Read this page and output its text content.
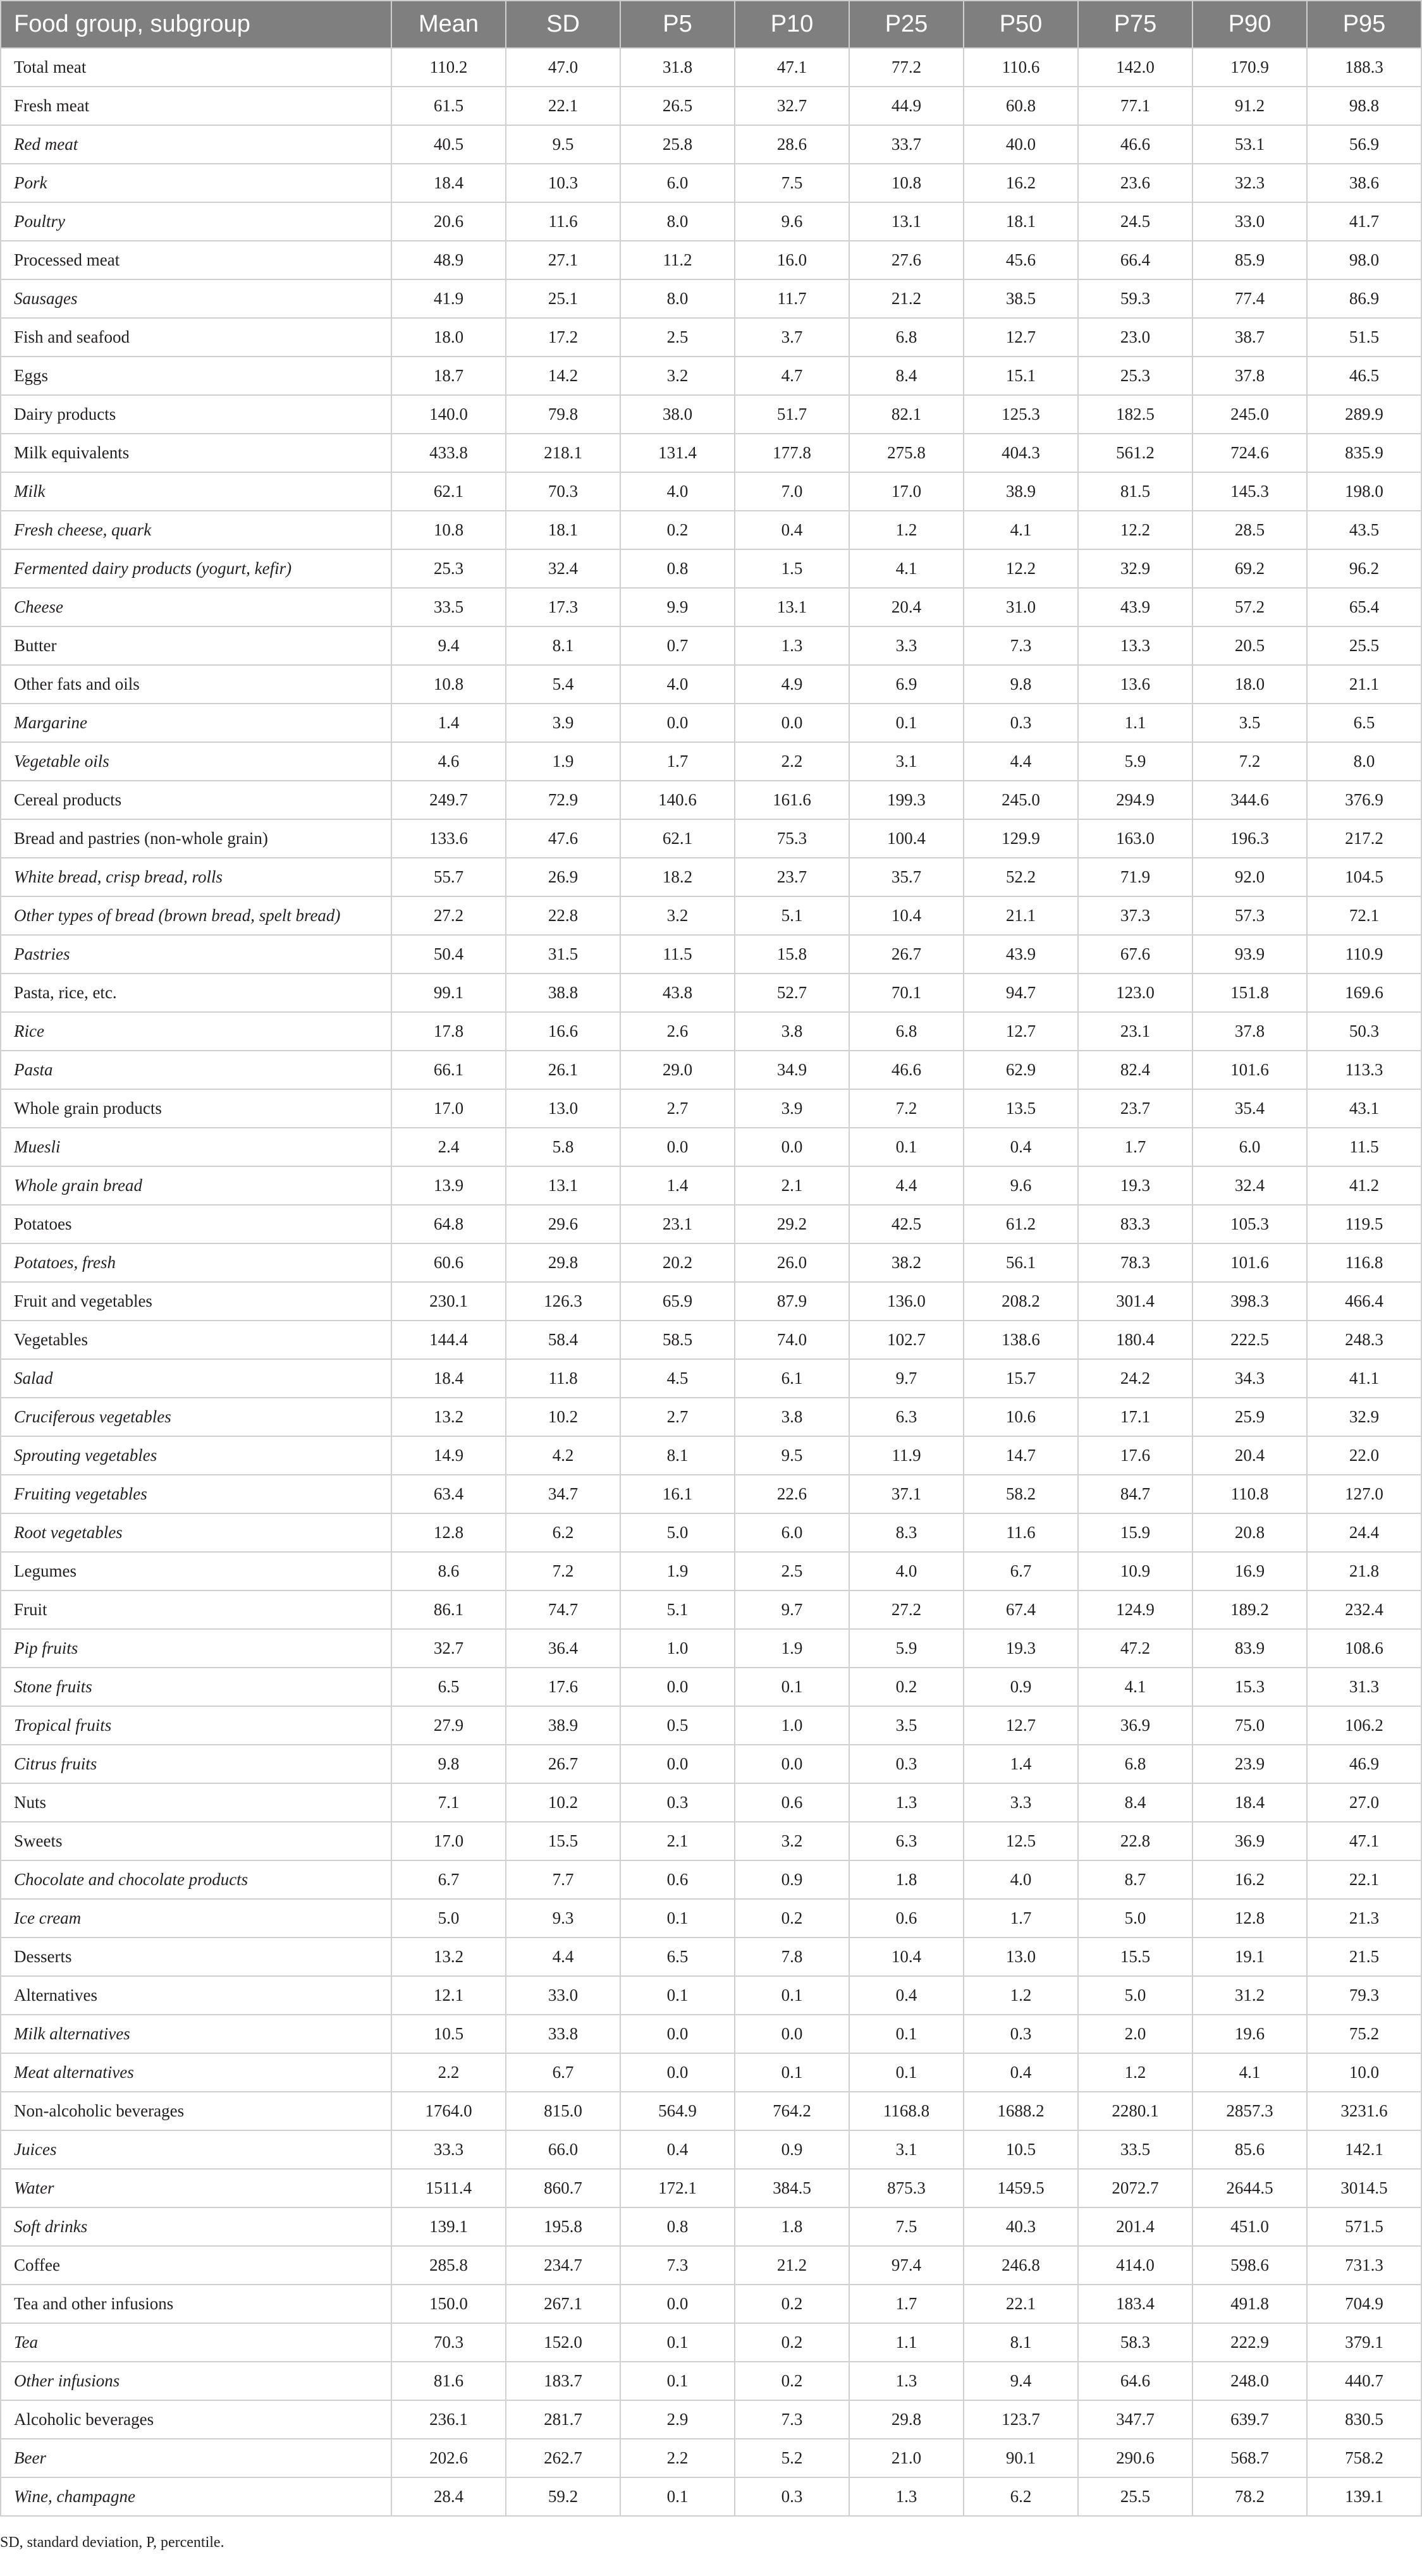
Food group, subgroup	Mean	SD	P5	P10	P25	P50	P75	P90	P95
Total meat	110.2	47.0	31.8	47.1	77.2	110.6	142.0	170.9	188.3
Fresh meat	61.5	22.1	26.5	32.7	44.9	60.8	77.1	91.2	98.8
Red meat	40.5	9.5	25.8	28.6	33.7	40.0	46.6	53.1	56.9
Pork	18.4	10.3	6.0	7.5	10.8	16.2	23.6	32.3	38.6
Poultry	20.6	11.6	8.0	9.6	13.1	18.1	24.5	33.0	41.7
Processed meat	48.9	27.1	11.2	16.0	27.6	45.6	66.4	85.9	98.0
Sausages	41.9	25.1	8.0	11.7	21.2	38.5	59.3	77.4	86.9
Fish and seafood	18.0	17.2	2.5	3.7	6.8	12.7	23.0	38.7	51.5
Eggs	18.7	14.2	3.2	4.7	8.4	15.1	25.3	37.8	46.5
Dairy products	140.0	79.8	38.0	51.7	82.1	125.3	182.5	245.0	289.9
Milk equivalents	433.8	218.1	131.4	177.8	275.8	404.3	561.2	724.6	835.9
Milk	62.1	70.3	4.0	7.0	17.0	38.9	81.5	145.3	198.0
Fresh cheese, quark	10.8	18.1	0.2	0.4	1.2	4.1	12.2	28.5	43.5
Fermented dairy products (yogurt, kefir)	25.3	32.4	0.8	1.5	4.1	12.2	32.9	69.2	96.2
Cheese	33.5	17.3	9.9	13.1	20.4	31.0	43.9	57.2	65.4
Butter	9.4	8.1	0.7	1.3	3.3	7.3	13.3	20.5	25.5
Other fats and oils	10.8	5.4	4.0	4.9	6.9	9.8	13.6	18.0	21.1
Margarine	1.4	3.9	0.0	0.0	0.1	0.3	1.1	3.5	6.5
Vegetable oils	4.6	1.9	1.7	2.2	3.1	4.4	5.9	7.2	8.0
Cereal products	249.7	72.9	140.6	161.6	199.3	245.0	294.9	344.6	376.9
Bread and pastries (non-whole grain)	133.6	47.6	62.1	75.3	100.4	129.9	163.0	196.3	217.2
White bread, crisp bread, rolls	55.7	26.9	18.2	23.7	35.7	52.2	71.9	92.0	104.5
Other types of bread (brown bread, spelt bread)	27.2	22.8	3.2	5.1	10.4	21.1	37.3	57.3	72.1
Pastries	50.4	31.5	11.5	15.8	26.7	43.9	67.6	93.9	110.9
Pasta, rice, etc.	99.1	38.8	43.8	52.7	70.1	94.7	123.0	151.8	169.6
Rice	17.8	16.6	2.6	3.8	6.8	12.7	23.1	37.8	50.3
Pasta	66.1	26.1	29.0	34.9	46.6	62.9	82.4	101.6	113.3
Whole grain products	17.0	13.0	2.7	3.9	7.2	13.5	23.7	35.4	43.1
Muesli	2.4	5.8	0.0	0.0	0.1	0.4	1.7	6.0	11.5
Whole grain bread	13.9	13.1	1.4	2.1	4.4	9.6	19.3	32.4	41.2
Potatoes	64.8	29.6	23.1	29.2	42.5	61.2	83.3	105.3	119.5
Potatoes, fresh	60.6	29.8	20.2	26.0	38.2	56.1	78.3	101.6	116.8
Fruit and vegetables	230.1	126.3	65.9	87.9	136.0	208.2	301.4	398.3	466.4
Vegetables	144.4	58.4	58.5	74.0	102.7	138.6	180.4	222.5	248.3
Salad	18.4	11.8	4.5	6.1	9.7	15.7	24.2	34.3	41.1
Cruciferous vegetables	13.2	10.2	2.7	3.8	6.3	10.6	17.1	25.9	32.9
Sprouting vegetables	14.9	4.2	8.1	9.5	11.9	14.7	17.6	20.4	22.0
Fruiting vegetables	63.4	34.7	16.1	22.6	37.1	58.2	84.7	110.8	127.0
Root vegetables	12.8	6.2	5.0	6.0	8.3	11.6	15.9	20.8	24.4
Legumes	8.6	7.2	1.9	2.5	4.0	6.7	10.9	16.9	21.8
Fruit	86.1	74.7	5.1	9.7	27.2	67.4	124.9	189.2	232.4
Pip fruits	32.7	36.4	1.0	1.9	5.9	19.3	47.2	83.9	108.6
Stone fruits	6.5	17.6	0.0	0.1	0.2	0.9	4.1	15.3	31.3
Tropical fruits	27.9	38.9	0.5	1.0	3.5	12.7	36.9	75.0	106.2
Citrus fruits	9.8	26.7	0.0	0.0	0.3	1.4	6.8	23.9	46.9
Nuts	7.1	10.2	0.3	0.6	1.3	3.3	8.4	18.4	27.0
Sweets	17.0	15.5	2.1	3.2	6.3	12.5	22.8	36.9	47.1
Chocolate and chocolate products	6.7	7.7	0.6	0.9	1.8	4.0	8.7	16.2	22.1
Ice cream	5.0	9.3	0.1	0.2	0.6	1.7	5.0	12.8	21.3
Desserts	13.2	4.4	6.5	7.8	10.4	13.0	15.5	19.1	21.5
Alternatives	12.1	33.0	0.1	0.1	0.4	1.2	5.0	31.2	79.3
Milk alternatives	10.5	33.8	0.0	0.0	0.1	0.3	2.0	19.6	75.2
Meat alternatives	2.2	6.7	0.0	0.1	0.1	0.4	1.2	4.1	10.0
Non-alcoholic beverages	1764.0	815.0	564.9	764.2	1168.8	1688.2	2280.1	2857.3	3231.6
Juices	33.3	66.0	0.4	0.9	3.1	10.5	33.5	85.6	142.1
Water	1511.4	860.7	172.1	384.5	875.3	1459.5	2072.7	2644.5	3014.5
Soft drinks	139.1	195.8	0.8	1.8	7.5	40.3	201.4	451.0	571.5
Coffee	285.8	234.7	7.3	21.2	97.4	246.8	414.0	598.6	731.3
Tea and other infusions	150.0	267.1	0.0	0.2	1.7	22.1	183.4	491.8	704.9
Tea	70.3	152.0	0.1	0.2	1.1	8.1	58.3	222.9	379.1
Other infusions	81.6	183.7	0.1	0.2	1.3	9.4	64.6	248.0	440.7
Alcoholic beverages	236.1	281.7	2.9	7.3	29.8	123.7	347.7	639.7	830.5
Beer	202.6	262.7	2.2	5.2	21.0	90.1	290.6	568.7	758.2
Wine, champagne	28.4	59.2	0.1	0.3	1.3	6.2	25.5	78.2	139.1
SD, standard deviation, P, percentile.
